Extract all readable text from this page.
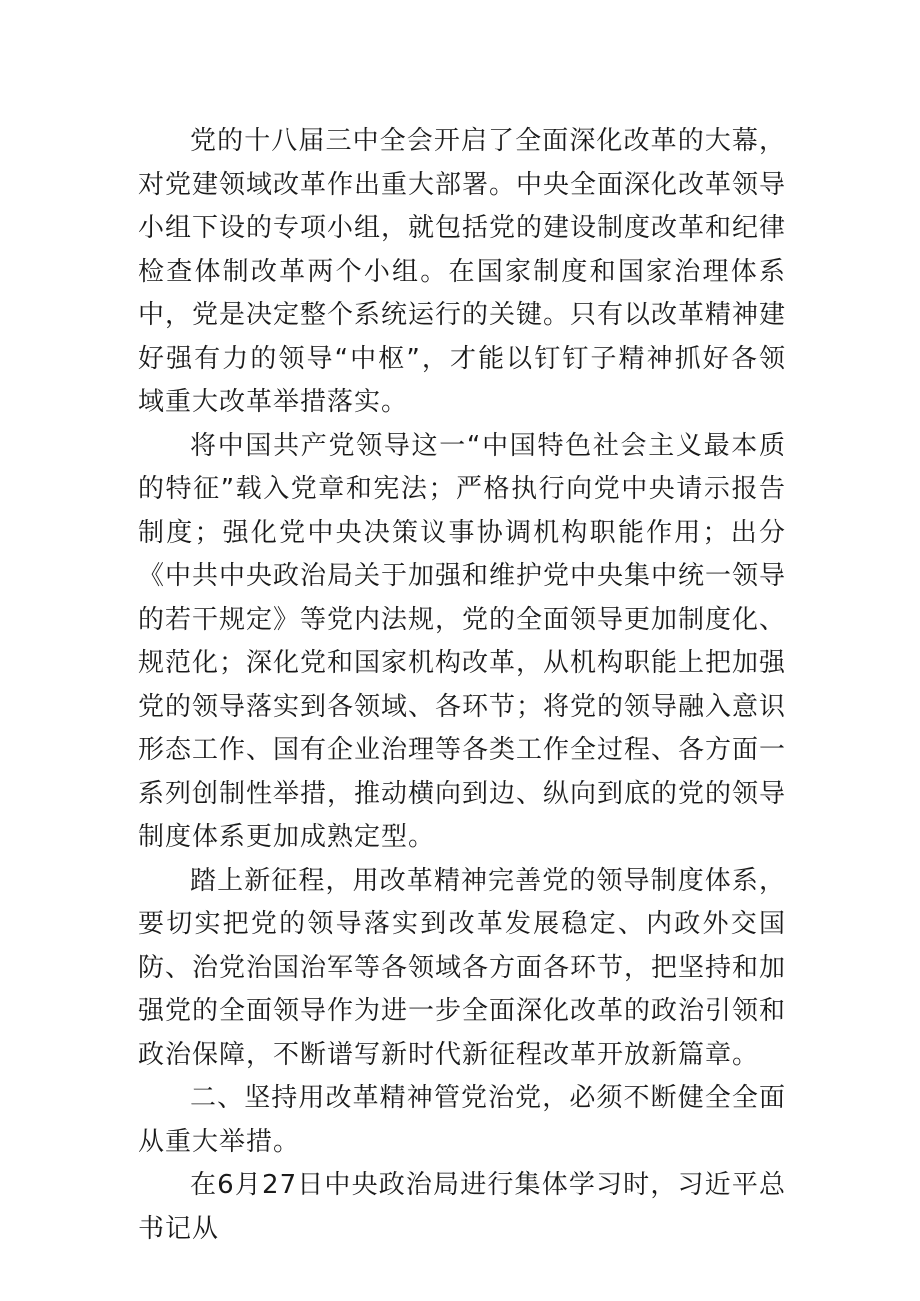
党的十八届三中全会开启了全面深化改革的大幕，对党建领域改革作出重大部署。中央全面深化改革领导小组下设的专项小组，就包括党的建设制度改革和纪律检查体制改革两个小组。在国家制度和国家治理体系中，党是决定整个系统运行的关键。只有以改革精神建好强有力的领导“中枢”，才能以钉钉子精神抓好各领域重大改革举措落实。

将中国共产党领导这一“中国特色社会主义最本质的特征”载入党章和宪法；严格执行向党中央请示报告制度；强化党中央决策议事协调机构职能作用；出分《中共中央政治局关于加强和维护党中央集中统一领导的若干规定》等党内法规，党的全面领导更加制度化、规范化；深化党和国家机构改革，从机构职能上把加强党的领导落实到各领域、各环节；将党的领导融入意识形态工作、国有企业治理等各类工作全过程、各方面一系列创制性举措，推动横向到边、纵向到底的党的领导制度体系更加成熟定型。

踏上新征程，用改革精神完善党的领导制度体系，要切实把党的领导落实到改革发展稳定、内政外交国防、治党治国治军等各领域各方面各环节，把坚持和加强党的全面领导作为进一步全面深化改革的政治引领和政治保障，不断谱写新时代新征程改革开放新篇章。

二、坚持用改革精神管党治党，必须不断健全全面从重大举措。

在6月27日中央政治局进行集体学习时，习近平总书记从
